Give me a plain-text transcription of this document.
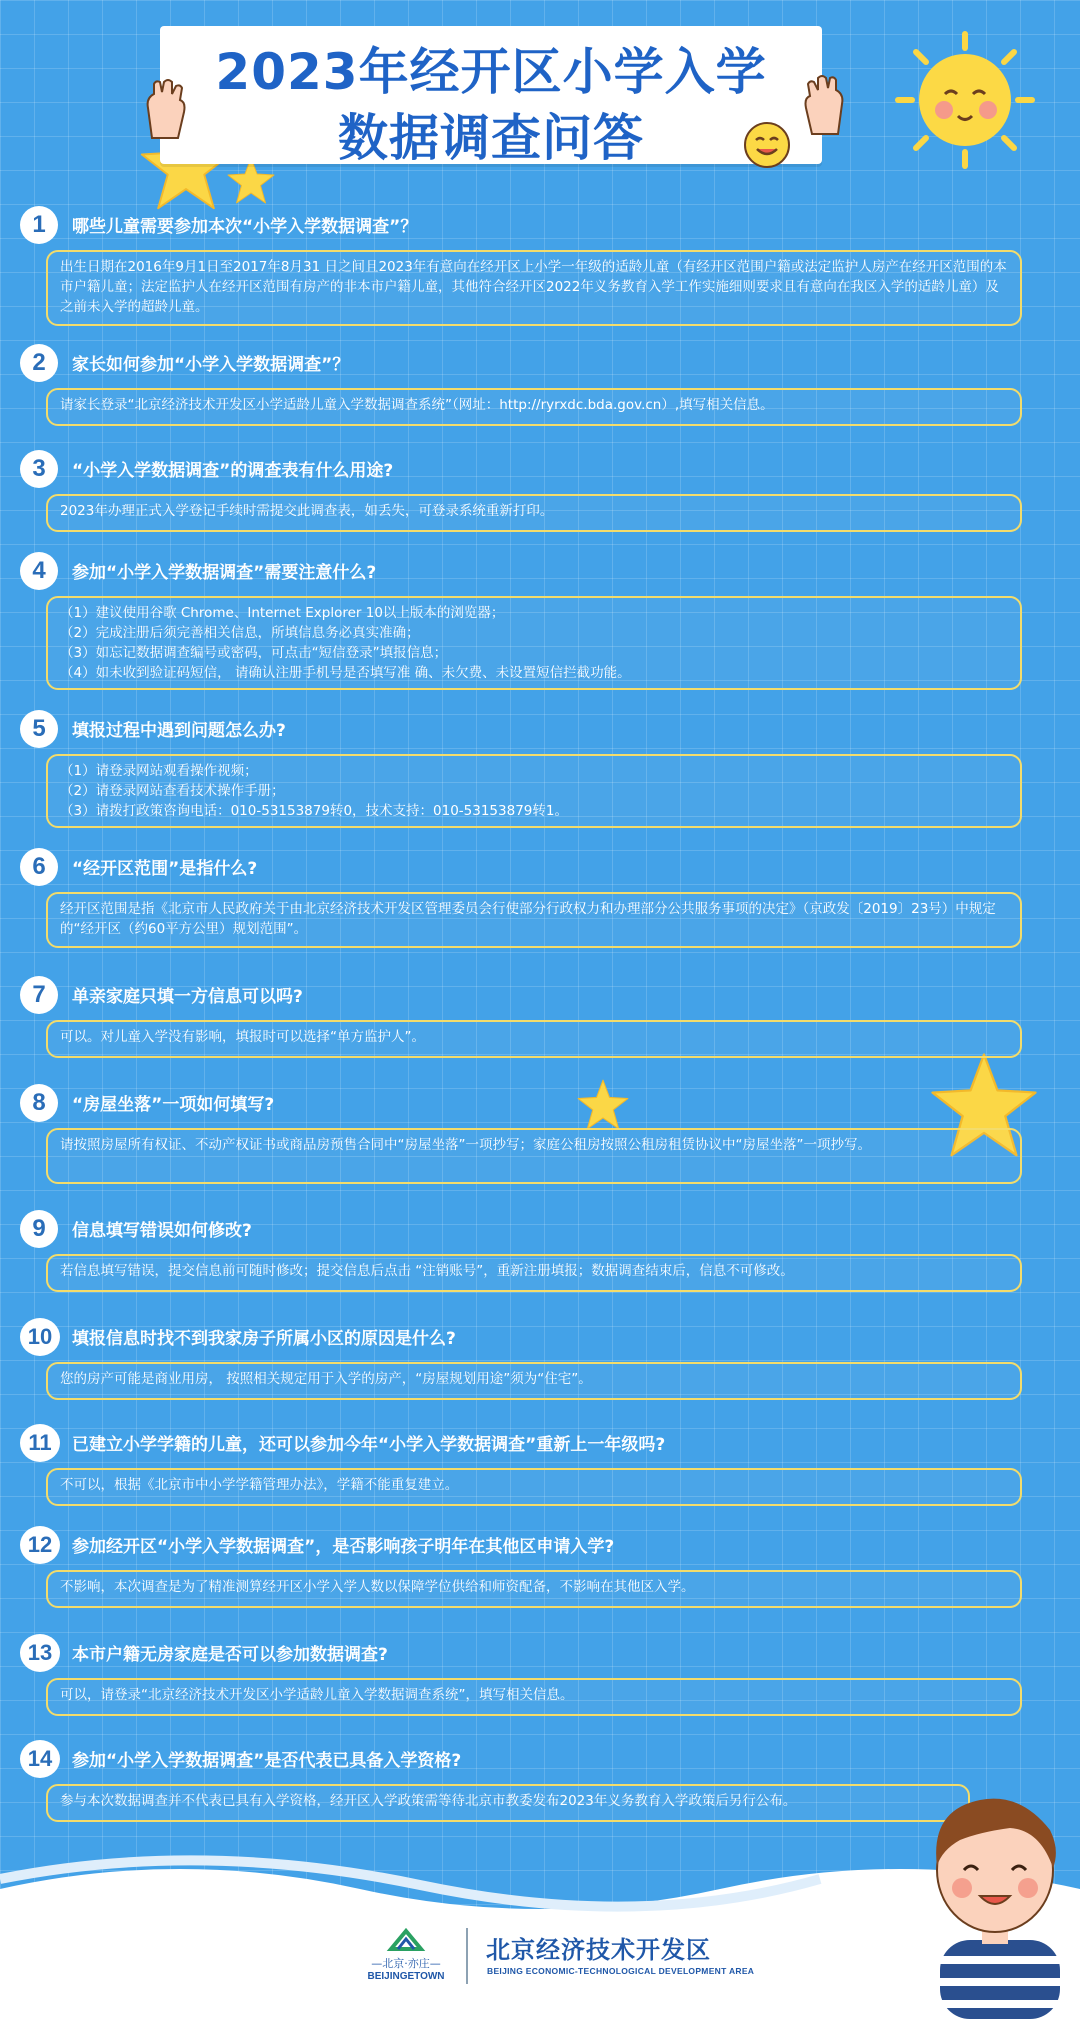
2023年经开区小学入学
数据调查问答
1	哪些儿童需要参加本次“小学入学数据调查”？

出生日期在2016年9月1日至2017年8月31 日之间且2023年有意向在经开区上小学一年级的适龄儿童（有经开区范围户籍或法定监护人房产在经开区范围的本市户籍儿童；法定监护人在经开区范围有房产的非本市户籍儿童，其他符合经开区2022年义务教育入学工作实施细则要求且有意向在我区入学的适龄儿童）及之前未入学的超龄儿童。

2	家长如何参加“小学入学数据调查”？

请家长登录“北京经济技术开发区小学适龄儿童入学数据调查系统”（网址：http://ryrxdc.bda.gov.cn）,填写相关信息。

3	“小学入学数据调查”的调查表有什么用途?

2023年办理正式入学登记手续时需提交此调查表，如丢失，可登录系统重新打印。

4	参加“小学入学数据调查”需要注意什么?

（1）建议使用谷歌 Chrome、Internet Explorer 10以上版本的浏览器；

（2）完成注册后须完善相关信息，所填信息务必真实准确；

（3）如忘记数据调查编号或密码，可点击“短信登录”填报信息；

（4）如未收到验证码短信， 请确认注册手机号是否填写准 确、未欠费、未设置短信拦截功能。

5	填报过程中遇到问题怎么办?

（1）请登录网站观看操作视频；

（2）请登录网站查看技术操作手册；

（3）请拨打政策咨询电话：010-53153879转0，技术支持：010-53153879转1。

6	“经开区范围”是指什么?

经开区范围是指《北京市人民政府关于由北京经济技术开发区管理委员会行使部分行政权力和办理部分公共服务事项的决定》（京政发〔2019〕23号）中规定的“经开区（约60平方公里）规划范围”。

7	单亲家庭只填一方信息可以吗?

可以。对儿童入学没有影响，填报时可以选择“单方监护人”。

8	“房屋坐落”一项如何填写?

请按照房屋所有权证、不动产权证书或商品房预售合同中“房屋坐落”一项抄写；家庭公租房按照公租房租赁协议中“房屋坐落”一项抄写。

9	信息填写错误如何修改?

若信息填写错误，提交信息前可随时修改；提交信息后点击 “注销账号”，重新注册填报；数据调查结束后，信息不可修改。

10	填报信息时找不到我家房子所属小区的原因是什么?

您的房产可能是商业用房， 按照相关规定用于入学的房产，“房屋规划用途”须为“住宅”。

11	已建立小学学籍的儿童，还可以参加今年“小学入学数据调查”重新上一年级吗?

不可以，根据《北京市中小学学籍管理办法》，学籍不能重复建立。

12	参加经开区“小学入学数据调查”，是否影响孩子明年在其他区申请入学?

不影响，本次调查是为了精准测算经开区小学入学人数以保障学位供给和师资配备，不影响在其他区入学。

13	本市户籍无房家庭是否可以参加数据调查?

可以，请登录“北京经济技术开发区小学适龄儿童入学数据调查系统”，填写相关信息。

14	参加“小学入学数据调查”是否代表已具备入学资格?

参与本次数据调查并不代表已具有入学资格，经开区入学政策需等待北京市教委发布2023年义务教育入学政策后另行公布。

—北京·亦庄—
BEIJINGETOWN
北京经济技术开发区
BEIJING ECONOMIC-TECHNOLOGICAL DEVELOPMENT AREA
